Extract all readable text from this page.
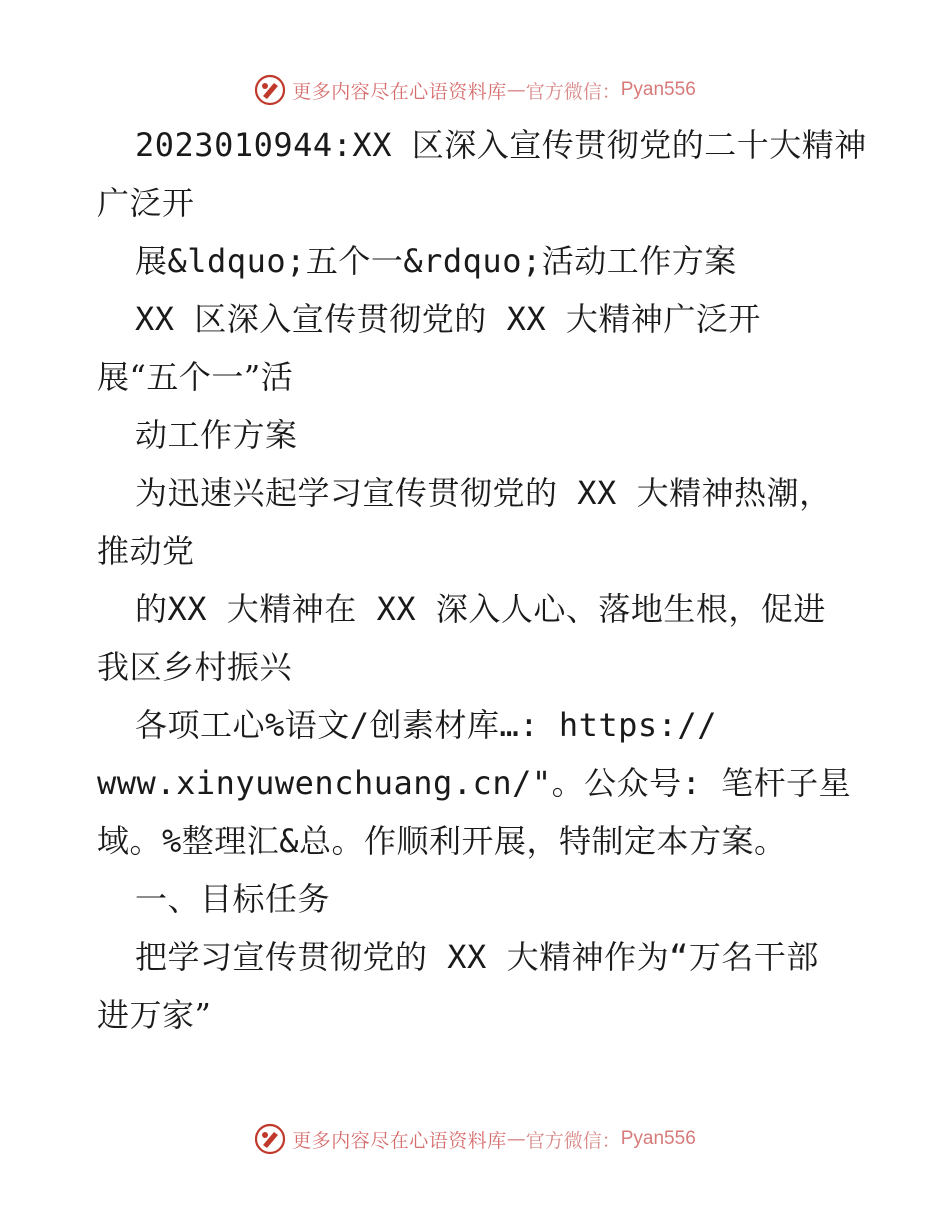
更多内容尽在心语资料库 — 官方微信： Pyan556
2023010944:XX 区深入宣传贯彻党的二十大精神
广泛开
展&ldquo;五个一&rdquo;活动工作方案
XX 区深入宣传贯彻党的 XX 大精神广泛开
展“五个一”活
动工作方案
为迅速兴起学习宣传贯彻党的 XX 大精神热潮，
推动党
的XX 大精神在 XX 深入人心、落地生根，促进
我区乡村振兴
各项工心%语文/创素材库…: https://
www.xinyuwenchuang.cn/"。公众号: 笔杆子星
域。%整理汇&总。作顺利开展，特制定本方案。
一、目标任务
把学习宣传贯彻党的 XX 大精神作为“万名干部
进万家”
更多内容尽在心语资料库 — 官方微信： Pyan556
